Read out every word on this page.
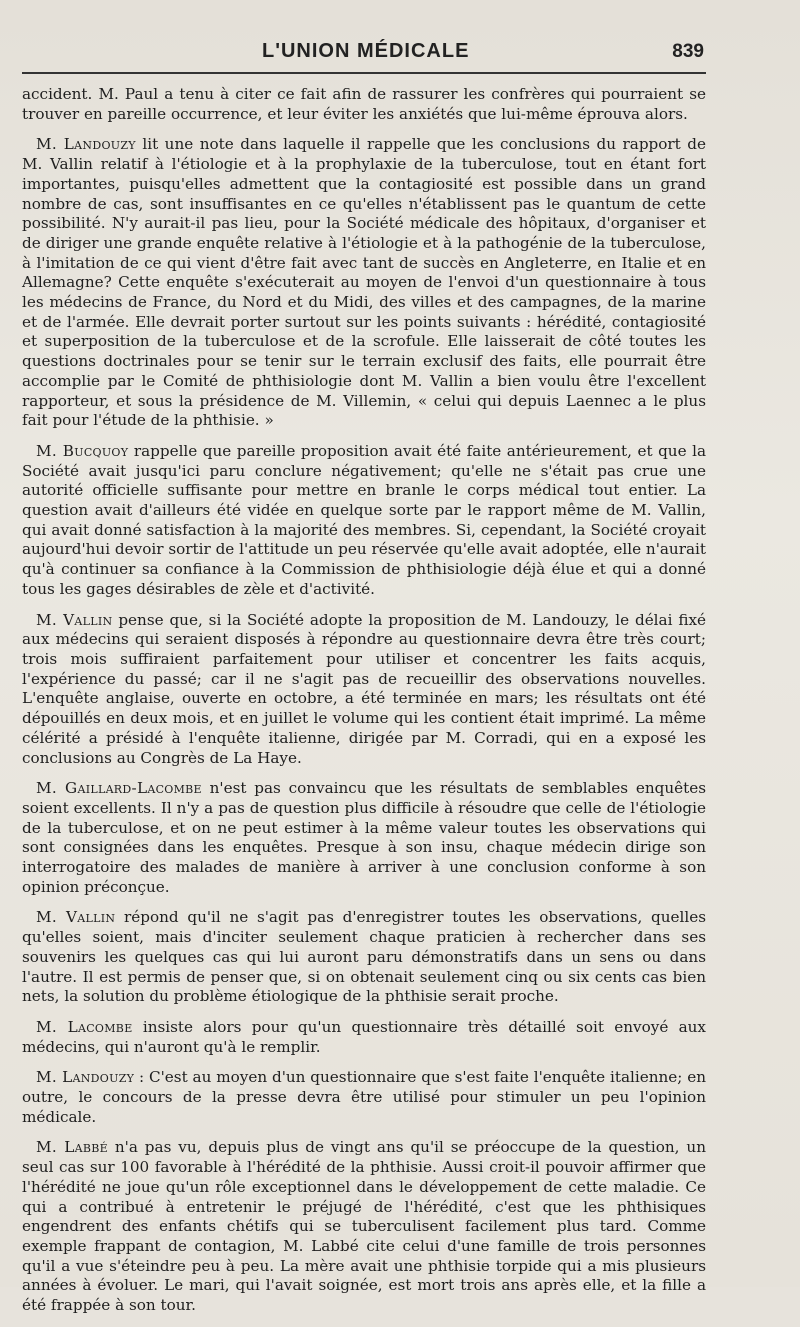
L'UNION MÉDICALE	839

accident. M. Paul a tenu à citer ce fait afin de rassurer les confrères qui pourraient se trouver en pareille occurrence, et leur éviter les anxiétés que lui-même éprouva alors.

M. Landouzy lit une note dans laquelle il rappelle que les conclusions du rapport de M. Vallin relatif à l'étiologie et à la prophylaxie de la tuberculose, tout en étant fort importantes, puisqu'elles admettent que la contagiosité est possible dans un grand nombre de cas, sont insuffisantes en ce qu'elles n'établissent pas le quantum de cette possibilité. N'y aurait-il pas lieu, pour la Société médicale des hôpitaux, d'organiser et de diriger une grande enquête relative à l'étiologie et à la pathogénie de la tuberculose, à l'imitation de ce qui vient d'être fait avec tant de succès en Angleterre, en Italie et en Allemagne? Cette enquête s'exécuterait au moyen de l'envoi d'un questionnaire à tous les médecins de France, du Nord et du Midi, des villes et des campagnes, de la marine et de l'armée. Elle devrait porter surtout sur les points suivants : hérédité, contagiosité et superposition de la tuberculose et de la scrofule. Elle laisserait de côté toutes les questions doctrinales pour se tenir sur le terrain exclusif des faits, elle pourrait être accomplie par le Comité de phthisiologie dont M. Vallin a bien voulu être l'excellent rapporteur, et sous la présidence de M. Villemin, « celui qui depuis Laennec a le plus fait pour l'étude de la phthisie. »

M. Bucquoy rappelle que pareille proposition avait été faite antérieurement, et que la Société avait jusqu'ici paru conclure négativement; qu'elle ne s'était pas crue une autorité officielle suffisante pour mettre en branle le corps médical tout entier. La question avait d'ailleurs été vidée en quelque sorte par le rapport même de M. Vallin, qui avait donné satisfaction à la majorité des membres. Si, cependant, la Société croyait aujourd'hui devoir sortir de l'attitude un peu réservée qu'elle avait adoptée, elle n'aurait qu'à continuer sa confiance à la Commission de phthisiologie déjà élue et qui a donné tous les gages désirables de zèle et d'activité.

M. Vallin pense que, si la Société adopte la proposition de M. Landouzy, le délai fixé aux médecins qui seraient disposés à répondre au questionnaire devra être très court; trois mois suffiraient parfaitement pour utiliser et concentrer les faits acquis, l'expérience du passé; car il ne s'agit pas de recueillir des observations nouvelles. L'enquête anglaise, ouverte en octobre, a été terminée en mars; les résultats ont été dépouillés en deux mois, et en juillet le volume qui les contient était imprimé. La même célérité a présidé à l'enquête italienne, dirigée par M. Corradi, qui en a exposé les conclusions au Congrès de La Haye.

M. Gaillard-Lacombe n'est pas convaincu que les résultats de semblables enquêtes soient excellents. Il n'y a pas de question plus difficile à résoudre que celle de l'étiologie de la tuberculose, et on ne peut estimer à la même valeur toutes les observations qui sont consignées dans les enquêtes. Presque à son insu, chaque médecin dirige son interrogatoire des malades de manière à arriver à une conclusion conforme à son opinion préconçue.

M. Vallin répond qu'il ne s'agit pas d'enregistrer toutes les observations, quelles qu'elles soient, mais d'inciter seulement chaque praticien à rechercher dans ses souvenirs les quelques cas qui lui auront paru démonstratifs dans un sens ou dans l'autre. Il est permis de penser que, si on obtenait seulement cinq ou six cents cas bien nets, la solution du problème étiologique de la phthisie serait proche.

M. Lacombe insiste alors pour qu'un questionnaire très détaillé soit envoyé aux médecins, qui n'auront qu'à le remplir.

M. Landouzy : C'est au moyen d'un questionnaire que s'est faite l'enquête italienne; en outre, le concours de la presse devra être utilisé pour stimuler un peu l'opinion médicale.

M. Labbé n'a pas vu, depuis plus de vingt ans qu'il se préoccupe de la question, un seul cas sur 100 favorable à l'hérédité de la phthisie. Aussi croit-il pouvoir affirmer que l'hérédité ne joue qu'un rôle exceptionnel dans le développement de cette maladie. Ce qui a contribué à entretenir le préjugé de l'hérédité, c'est que les phthisiques engendrent des enfants chétifs qui se tuberculisent facilement plus tard. Comme exemple frappant de contagion, M. Labbé cite celui d'une famille de trois personnes qu'il a vue s'éteindre peu à peu. La mère avait une phthisie torpide qui a mis plusieurs années à évoluer. Le mari, qui l'avait soignée, est mort trois ans après elle, et la fille a été frappée à son tour.
